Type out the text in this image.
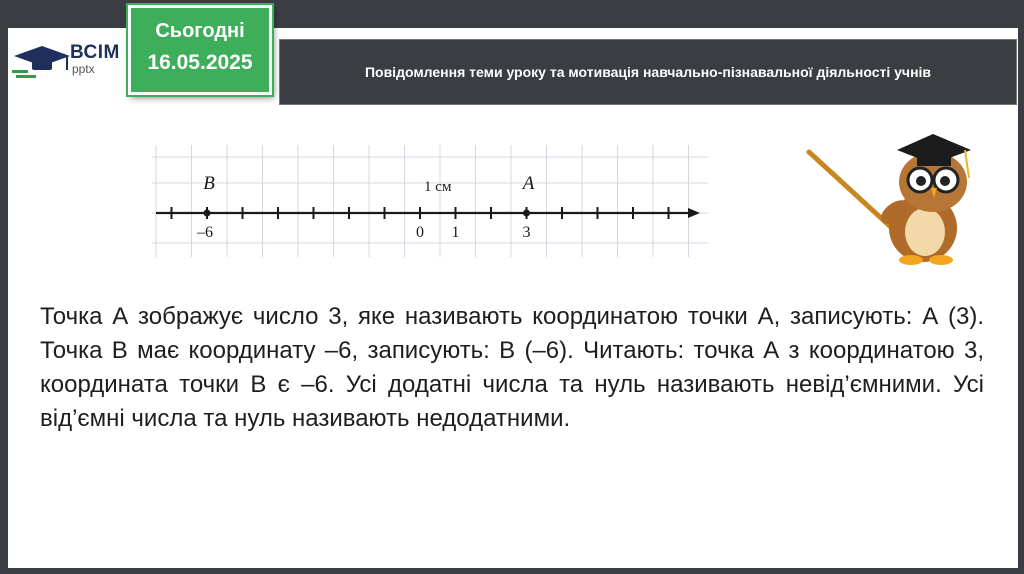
ВСІМ
pptx
Сьогодні
16.05.2025	Повідомлення теми уроку та мотивація навчально-пізнавальної діяльності учнів
B	A
1 см
–6	0 1	3
Точка А зображує число 3, яке називають координатою точки А, записують: А (3). Точка В має координату –6, записують: В (–6). Читають: точка А з координатою 3, координата точки В є –6. Усі додатні числа та нуль називають невід’ємними. Усі від’ємні числа та нуль називають недодатними.
